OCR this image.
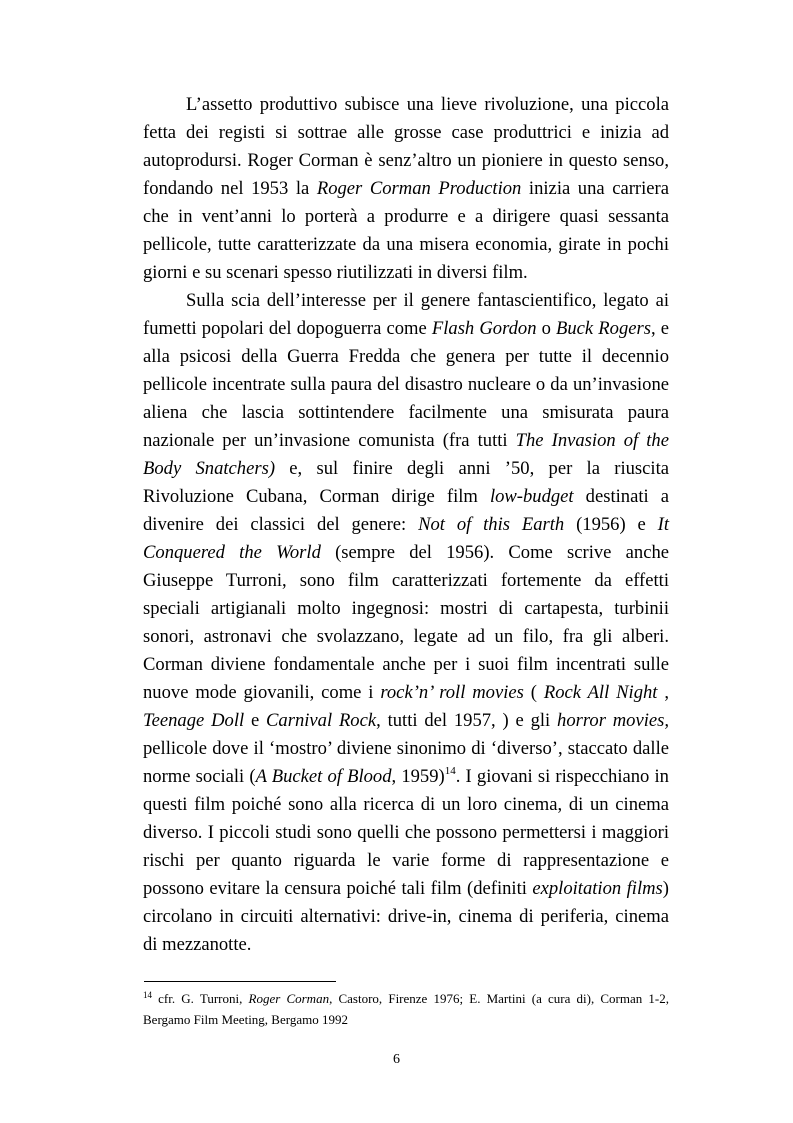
L’assetto produttivo subisce una lieve rivoluzione, una piccola
fetta dei registi si sottrae alle grosse case produttrici e inizia ad
autoprodursi. Roger Corman è senz’altro un pioniere in questo senso,
fondando nel 1953 la Roger Corman Production inizia una carriera
che in vent’anni lo porterà a produrre e a dirigere quasi sessanta
pellicole, tutte caratterizzate da una misera economia, girate in pochi
giorni e su scenari spesso riutilizzati in diversi film.
Sulla scia dell’interesse per il genere fantascientifico, legato ai
fumetti popolari del dopoguerra come Flash Gordon o Buck Rogers, e
alla psicosi della Guerra Fredda che genera per tutte il decennio
pellicole incentrate sulla paura del disastro nucleare o da un’invasione
aliena che lascia sottintendere facilmente una smisurata paura
nazionale per un’invasione comunista (fra tutti The Invasion of the
Body Snatchers) e, sul finire degli anni ’50, per la riuscita
Rivoluzione Cubana, Corman dirige film low-budget destinati a
divenire dei classici del genere: Not of this Earth (1956) e It
Conquered the World (sempre del 1956). Come scrive anche
Giuseppe Turroni, sono film caratterizzati fortemente da effetti
speciali artigianali molto ingegnosi: mostri di cartapesta, turbinii
sonori, astronavi che svolazzano, legate ad un filo, fra gli alberi.
Corman diviene fondamentale anche per i suoi film incentrati sulle
nuove mode giovanili, come i rock’n’ roll movies ( Rock All Night ,
Teenage Doll e Carnival Rock, tutti del 1957, ) e gli horror movies,
pellicole dove il ‘mostro’ diviene sinonimo di ‘diverso’, staccato dalle
norme sociali (A Bucket of Blood, 1959)$^{14}$. I giovani si rispecchiano in
questi film poiché sono alla ricerca di un loro cinema, di un cinema
diverso. I piccoli studi sono quelli che possono permettersi i maggiori
rischi per quanto riguarda le varie forme di rappresentazione e
possono evitare la censura poiché tali film (definiti exploitation films)
circolano in circuiti alternativi: drive-in, cinema di periferia, cinema
di mezzanotte.
$^{14}$ cfr. G. Turroni, Roger Corman, Castoro, Firenze 1976; E. Martini (a cura di), Corman 1-2,
Bergamo Film Meeting, Bergamo 1992
6
